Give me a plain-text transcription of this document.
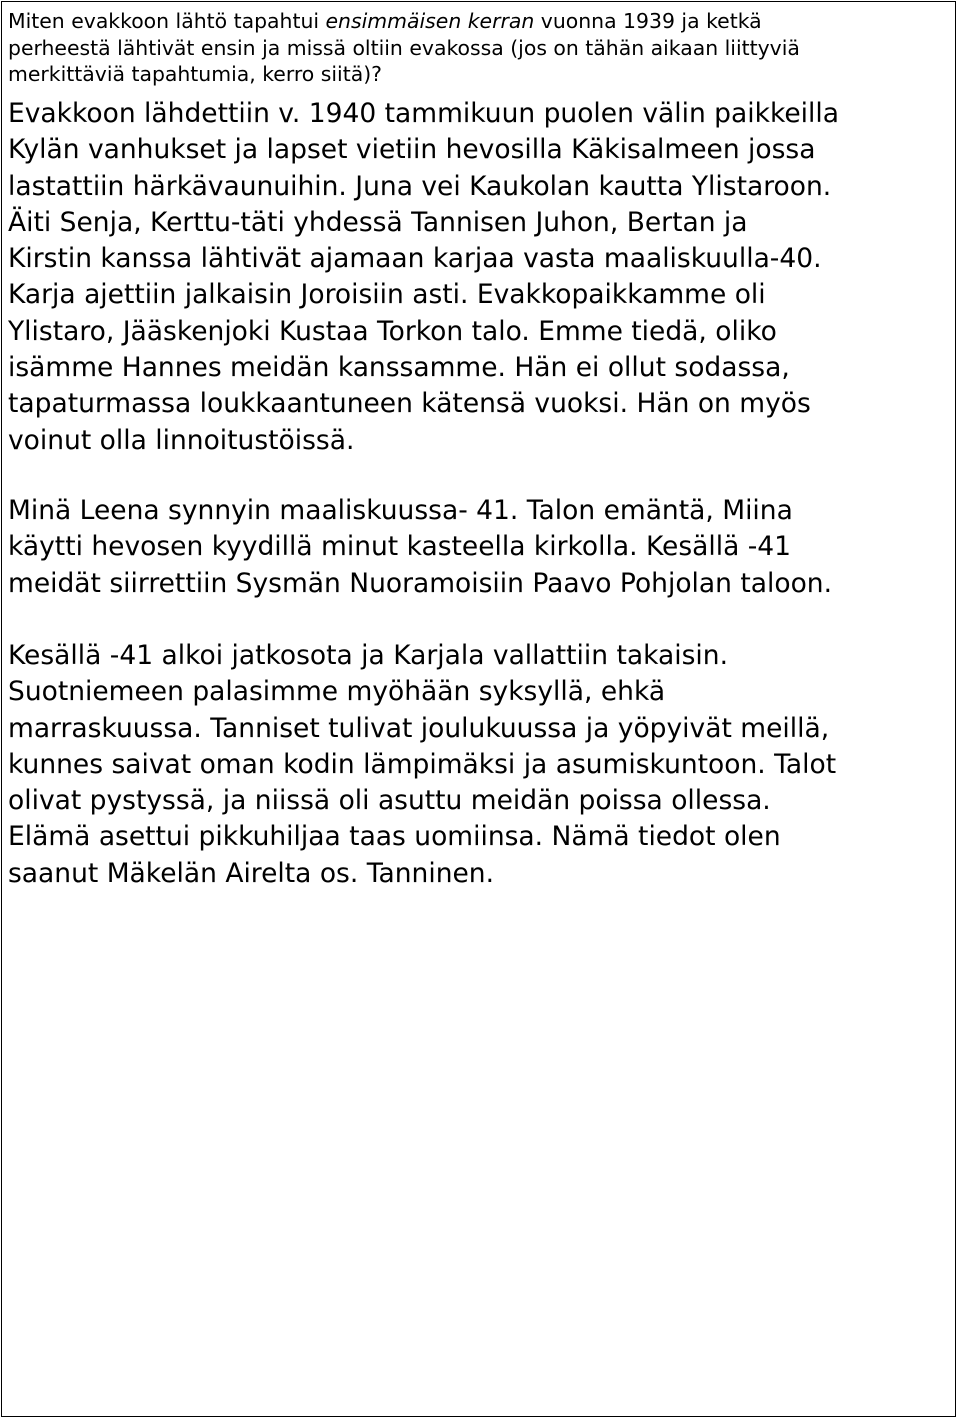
Miten evakkoon lähtö tapahtui ensimmäisen kerran vuonna 1939 ja ketkä
perheestä lähtivät ensin ja missä oltiin evakossa (jos on tähän aikaan liittyviä
merkittäviä tapahtumia, kerro siitä)?

Evakkoon lähdettiin v. 1940 tammikuun puolen välin paikkeilla
Kylän vanhukset ja lapset vietiin hevosilla Käkisalmeen jossa
lastattiin härkävaunuihin. Juna vei Kaukolan kautta Ylistaroon.
Äiti Senja, Kerttu-täti yhdessä Tannisen Juhon, Bertan ja
Kirstin kanssa lähtivät ajamaan karjaa vasta maaliskuulla-40.
Karja ajettiin jalkaisin Joroisiin asti. Evakkopaikkamme oli
Ylistaro, Jääskenjoki Kustaa Torkon talo. Emme tiedä, oliko
isämme Hannes meidän kanssamme. Hän ei ollut sodassa,
tapaturmassa loukkaantuneen kätensä vuoksi. Hän on myös
voinut olla linnoitustöissä.
Minä Leena synnyin maaliskuussa- 41. Talon emäntä, Miina
käytti hevosen kyydillä minut kasteella kirkolla. Kesällä -41
meidät siirrettiin Sysmän Nuoramoisiin Paavo Pohjolan taloon.
Kesällä -41 alkoi jatkosota ja Karjala vallattiin takaisin.
Suotniemeen palasimme myöhään syksyllä, ehkä
marraskuussa. Tanniset tulivat joulukuussa ja yöpyivät meillä,
kunnes saivat oman kodin lämpimäksi ja asumiskuntoon. Talot
olivat pystyssä, ja niissä oli asuttu meidän poissa ollessa.
Elämä asettui pikkuhiljaa taas uomiinsa. Nämä tiedot olen
saanut Mäkelän Airelta os. Tanninen.
